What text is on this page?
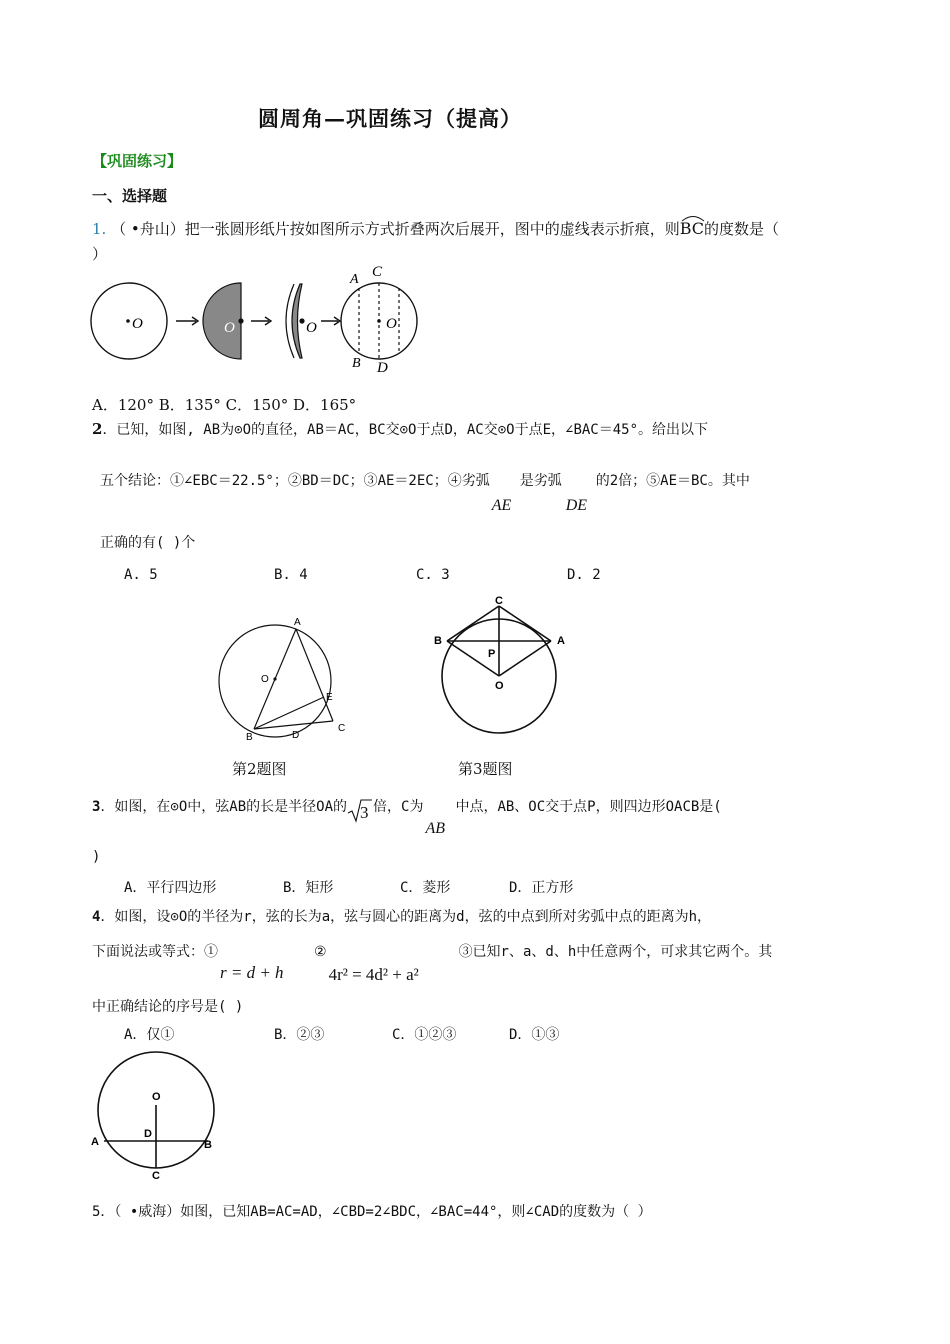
圆周角—巩固练习（提高）
【巩固练习】
一、选择题
1. （ •舟山）把一张圆形纸片按如图所示方式折叠两次后展开，图中的虚线表示折痕，则
BC的度数是（
）
O	O	O	O
A C
B D
A．120° B．135° C．150° D．165°
2．已知，如图, AB为⊙O的直径，AB＝AC，BC交⊙O于点D，AC交⊙O于点E，∠BAC＝45°。给出以下
五个结论：①∠EBC＝22.5°；②BD＝DC；③AE＝2EC；④劣弧
AE
是劣弧
DE
的2倍；⑤AE＝BC。其中
正确的有( )个
A. 5	B. 4	C. 3	D. 2
A
O
E
B	D
C
第2题图
C
B	A
P
O
第3题图
3．如图，在⊙O中，弦AB的长是半径OA的 3 倍，C为
AB
中点，AB、OC交于点P，则四边形OACB是(
)
A．平行四边形	B．矩形	C．菱形	D．正方形
4．如图，设⊙O的半径为r，弦的长为a，弦与圆心的距离为d，弦的中点到所对劣弧中点的距离为h，
下面说法或等式：①
r = d + h
②
4r² = 4d² + a²
③已知r、a、d、h中任意两个，可求其它两个。其
中正确结论的序号是( )
A．仅①	B．②③	C．①②③	D．①③
O
D
A	B
C
5．（ •威海）如图，已知AB=AC=AD，∠CBD=2∠BDC，∠BAC=44°，则∠CAD的度数为（ ）
